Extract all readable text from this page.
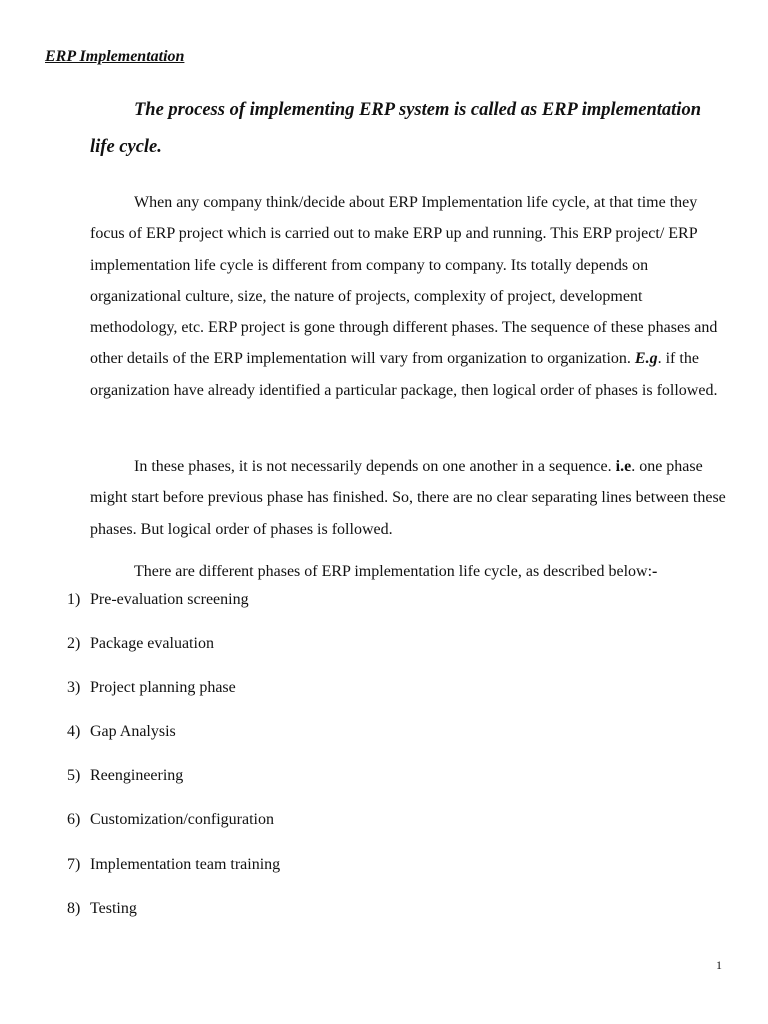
ERP Implementation
The process of implementing ERP system is called as ERP implementation life cycle.

When any company think/decide about ERP Implementation life cycle, at that time they focus of ERP project which is carried out to make ERP up and running. This ERP project/ ERP implementation life cycle is different from company to company. Its totally depends on organizational culture, size, the nature of projects, complexity of project, development methodology, etc. ERP project is gone through different phases. The sequence of these phases and other details of the ERP implementation will vary from organization to organization. E.g. if the organization have already identified a particular package, then logical order of phases is followed.

In these phases, it is not necessarily depends on one another in a sequence. i.e. one phase might start before previous phase has finished. So, there are no clear separating lines between these phases. But logical order of phases is followed.

There are different phases of ERP implementation life cycle, as described below:-

1) Pre-evaluation screening
2) Package evaluation
3) Project planning phase
4) Gap Analysis
5) Reengineering
6) Customization/configuration
7) Implementation team training
8) Testing
1
